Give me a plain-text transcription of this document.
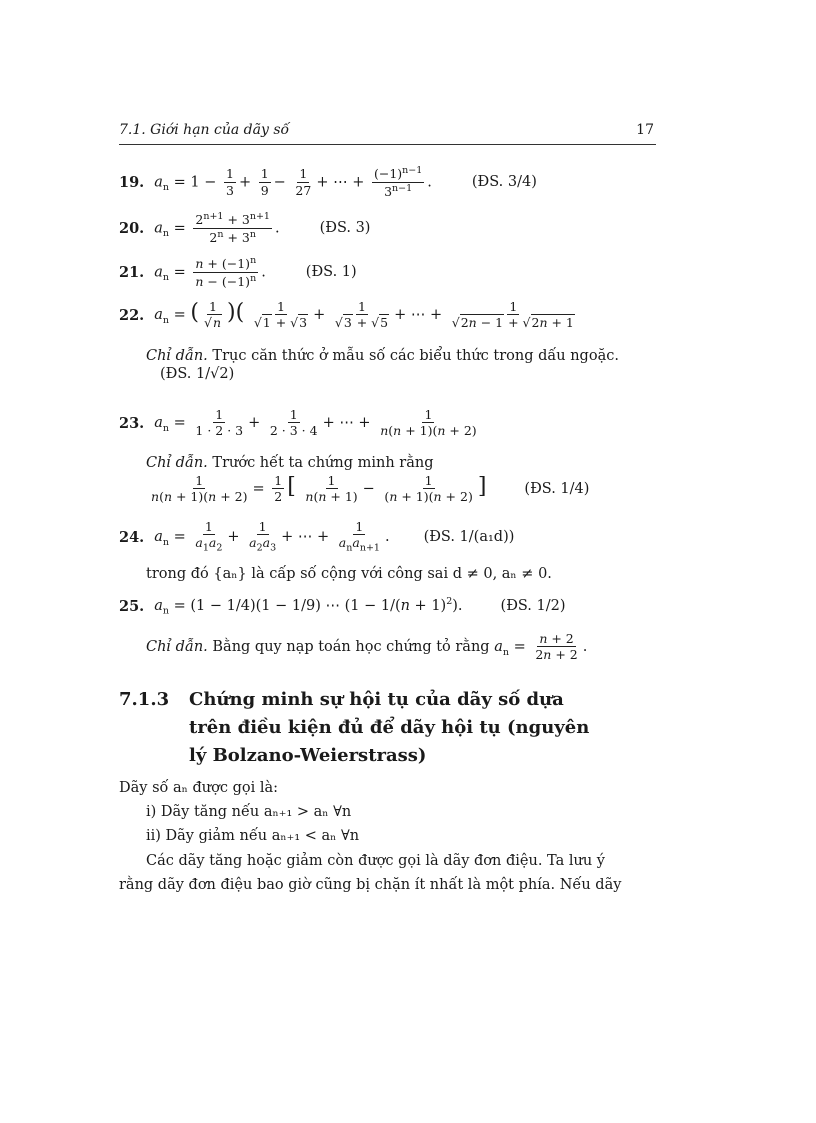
7.1. Giới hạn của dãy số	17
19. $a_n = 1 - \frac{1}{3} + \frac{1}{9} - \frac{1}{27}$ + ⋯ + $\frac{(-1)^{n-1}}{3^{n-1}}$ .	(ĐS. 3/4)
20. $a_n = \frac{2^{n+1} + 3^{n+1}}{2^n + 3^n}$ .	(ĐS. 3)
21. $a_n = \frac{n + (-1)^n}{n - (-1)^n}$ .	(ĐS. 1)
22. $a_n$ = ( $\frac{1}{√n}$ )( $\frac{1}{√1 + √3} + \frac{1}{√3 + √5}$ + ⋯ + $\frac{1}{√2n - 1 + √2n + 1}$
Chỉ dẫn. Trục căn thức ở mẫu số các biểu thức trong dấu ngoặc.
(ĐS. 1/√2)
23. $a_n = \frac{1}{1 \cdot 2 \cdot 3} + \frac{1}{2 \cdot 3 \cdot 4}$ + ⋯ + $\frac{1}{n(n + 1)(n + 2)}$
Chỉ dẫn. Trước hết ta chứng minh rằng
$\frac{1}{n(n + 1)(n + 2)} = \frac{1}{2}$ [ $\frac{1}{n(n + 1)} - \frac{1}{(n + 1)(n + 2)}$ ]	(ĐS. 1/4)
24. $a_n = \frac{1}{a_1a_2} + \frac{1}{a_2a_3}$ + ⋯ + $\frac{1}{a_na_{n+1}}$ . (ĐS. 1/(a₁d))
trong đó {aₙ} là cấp số cộng với công sai d ≠ 0, aₙ ≠ 0.
25. $a_n = (1 - 1/4)(1 - 1/9)$ ⋯ $(1 - 1/(n + 1)^2)$.	(ĐS. 1/2)
Chỉ dẫn.
Bằng quy nạp toán học chứng tỏ rằng
$a_n = \frac{n + 2}{2n + 2}$ .
7.1.3 Chứng minh sự hội tụ của dãy số dựa trên điều kiện đủ để dãy hội tụ (nguyên lý Bolzano-Weierstrass)
Dãy số aₙ được gọi là:
i) Dãy tăng nếu aₙ₊₁ > aₙ ∀n
ii) Dãy giảm nếu aₙ₊₁ < aₙ ∀n
Các dãy tăng hoặc giảm còn được gọi là dãy đơn điệu. Ta lưu ý
rằng dãy đơn điệu bao giờ cũng bị chặn ít nhất là một phía. Nếu dãy
